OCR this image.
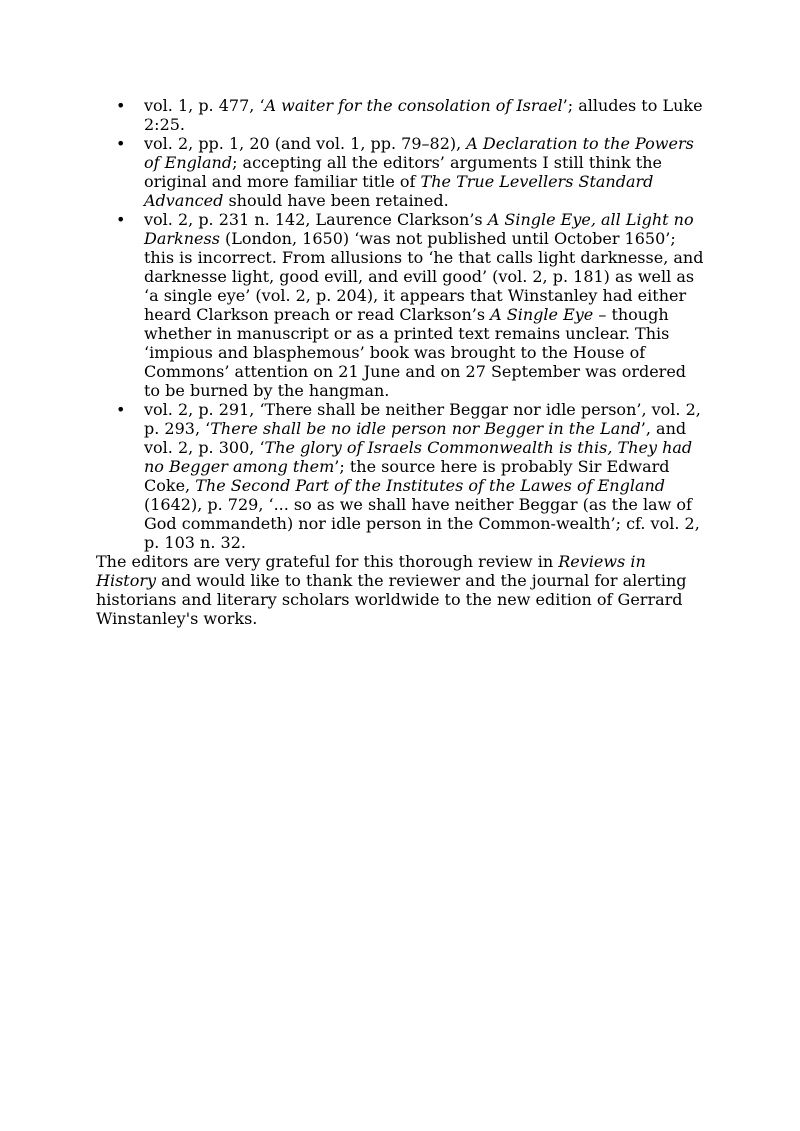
• vol. 1, p. 477, ‘A waiter for the consolation of Israel’; alludes to Luke 2:25.
• vol. 2, pp. 1, 20 (and vol. 1, pp. 79–82), A Declaration to the Powers of England; accepting all the editors’ arguments I still think the original and more familiar title of The True Levellers Standard Advanced should have been retained.
• vol. 2, p. 231 n. 142, Laurence Clarkson’s A Single Eye, all Light no Darkness (London, 1650) ‘was not published until October 1650’; this is incorrect. From allusions to ‘he that calls light darknesse, and darknesse light, good evill, and evill good’ (vol. 2, p. 181) as well as ‘a single eye’ (vol. 2, p. 204), it appears that Winstanley had either heard Clarkson preach or read Clarkson’s A Single Eye – though whether in manuscript or as a printed text remains unclear. This ‘impious and blasphemous’ book was brought to the House of Commons’ attention on 21 June and on 27 September was ordered to be burned by the hangman.
• vol. 2, p. 291, ‘There shall be neither Beggar nor idle person’, vol. 2, p. 293, ‘There shall be no idle person nor Begger in the Land’, and vol. 2, p. 300, ‘The glory of Israels Commonwealth is this, They had no Begger among them’; the source here is probably Sir Edward Coke, The Second Part of the Institutes of the Lawes of England (1642), p. 729, ‘... so as we shall have neither Beggar (as the law of God commandeth) nor idle person in the Common-wealth’; cf. vol. 2, p. 103 n. 32.

The editors are very grateful for this thorough review in Reviews in History and would like to thank the reviewer and the journal for alerting historians and literary scholars worldwide to the new edition of Gerrard Winstanley's works.
